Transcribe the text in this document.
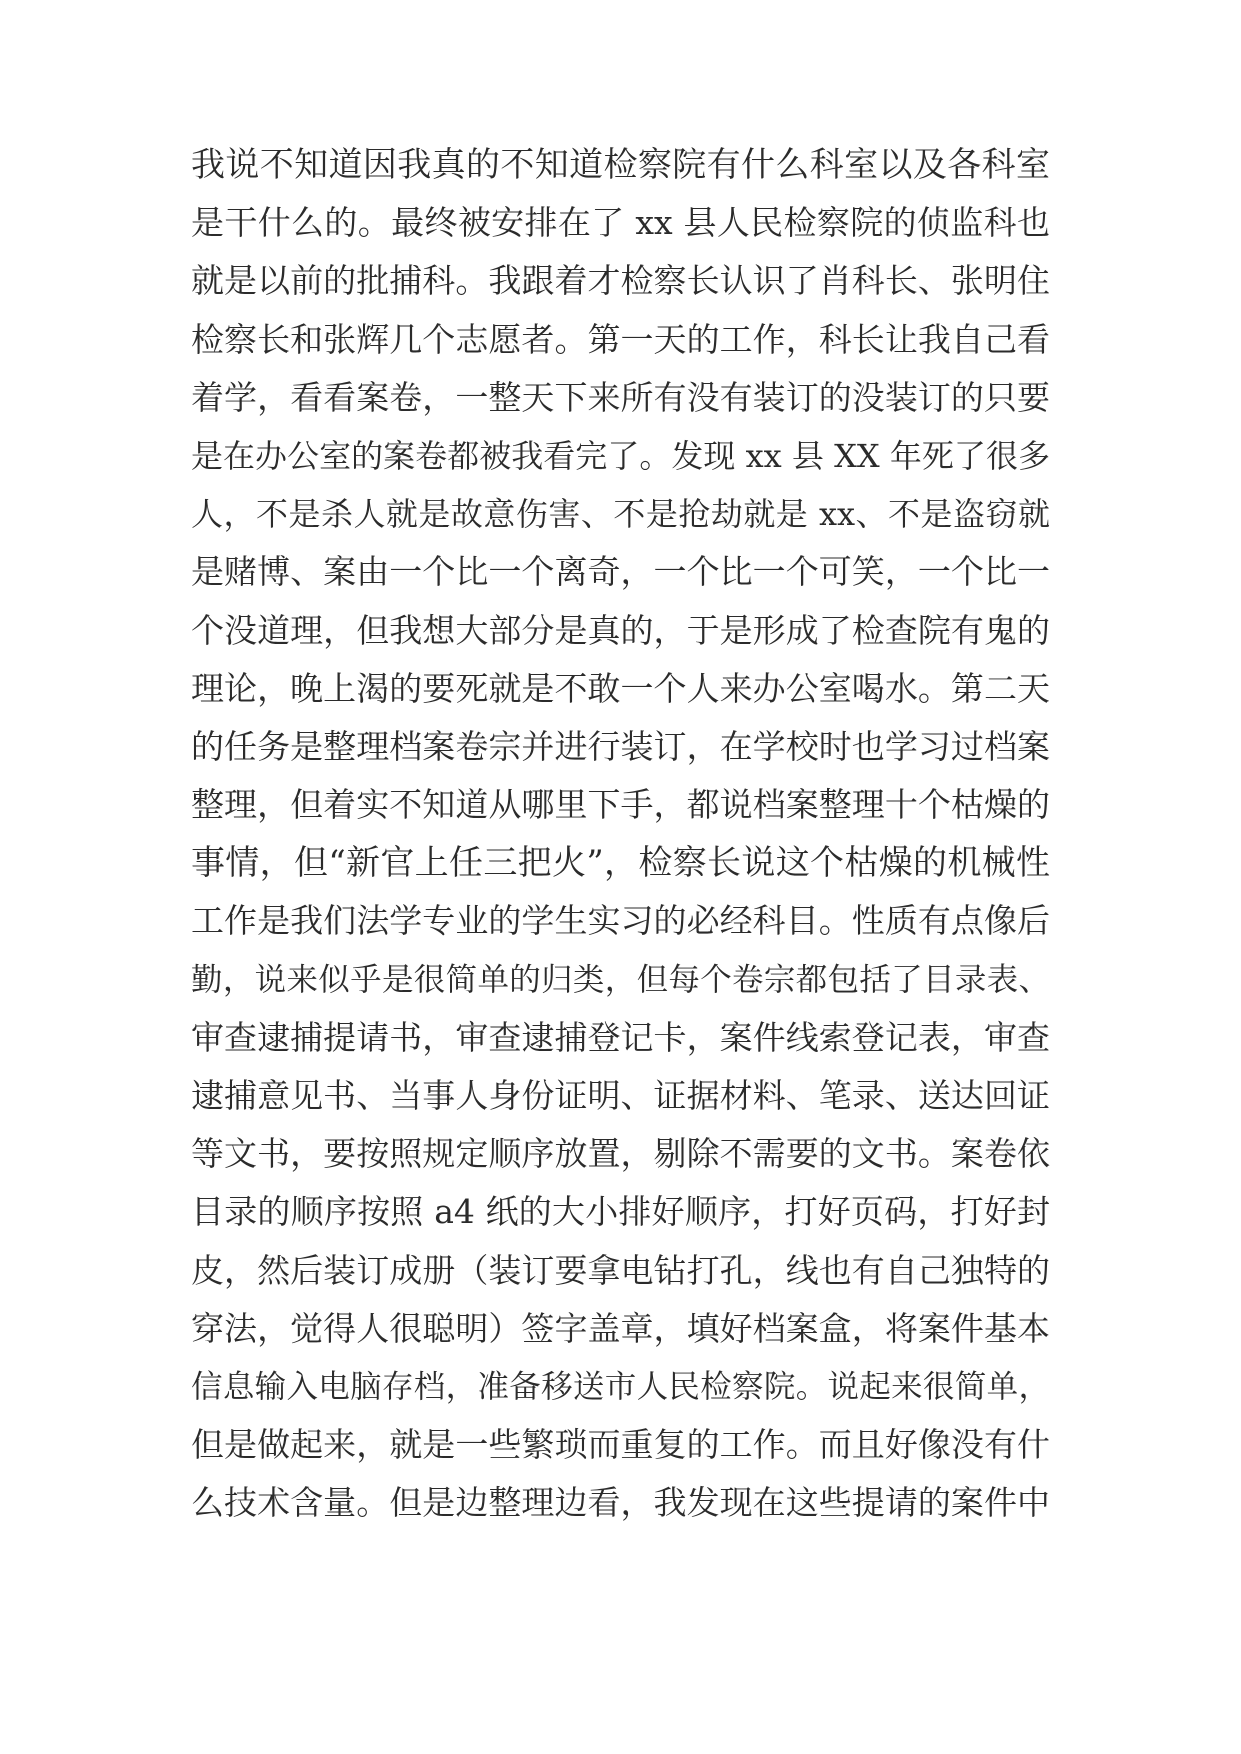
我说不知道因我真的不知道检察院有什么科室以及各科室
是干什么的。最终被安排在了 xx 县人民检察院的侦监科也
就是以前的批捕科。我跟着才检察长认识了肖科长、张明住
检察长和张辉几个志愿者。第一天的工作，科长让我自己看
着学，看看案卷，一整天下来所有没有装订的没装订的只要
是在办公室的案卷都被我看完了。发现 xx 县 XX 年死了很多
人，不是杀人就是故意伤害、不是抢劫就是 xx、不是盗窃就
是赌博、案由一个比一个离奇，一个比一个可笑，一个比一
个没道理，但我想大部分是真的，于是形成了检查院有鬼的
理论，晚上渴的要死就是不敢一个人来办公室喝水。第二天
的任务是整理档案卷宗并进行装订，在学校时也学习过档案
整理，但着实不知道从哪里下手，都说档案整理十个枯燥的
事情，但“新官上任三把火”，检察长说这个枯燥的机械性
工作是我们法学专业的学生实习的必经科目。性质有点像后
勤，说来似乎是很简单的归类，但每个卷宗都包括了目录表、
审查逮捕提请书，审查逮捕登记卡，案件线索登记表，审查
逮捕意见书、当事人身份证明、证据材料、笔录、送达回证
等文书，要按照规定顺序放置，剔除不需要的文书。案卷依
目录的顺序按照 a4 纸的大小排好顺序，打好页码，打好封
皮，然后装订成册（装订要拿电钻打孔，线也有自己独特的
穿法，觉得人很聪明）签字盖章，填好档案盒，将案件基本
信息输入电脑存档，准备移送市人民检察院。说起来很简单，
但是做起来，就是一些繁琐而重复的工作。而且好像没有什
么技术含量。但是边整理边看，我发现在这些提请的案件中
